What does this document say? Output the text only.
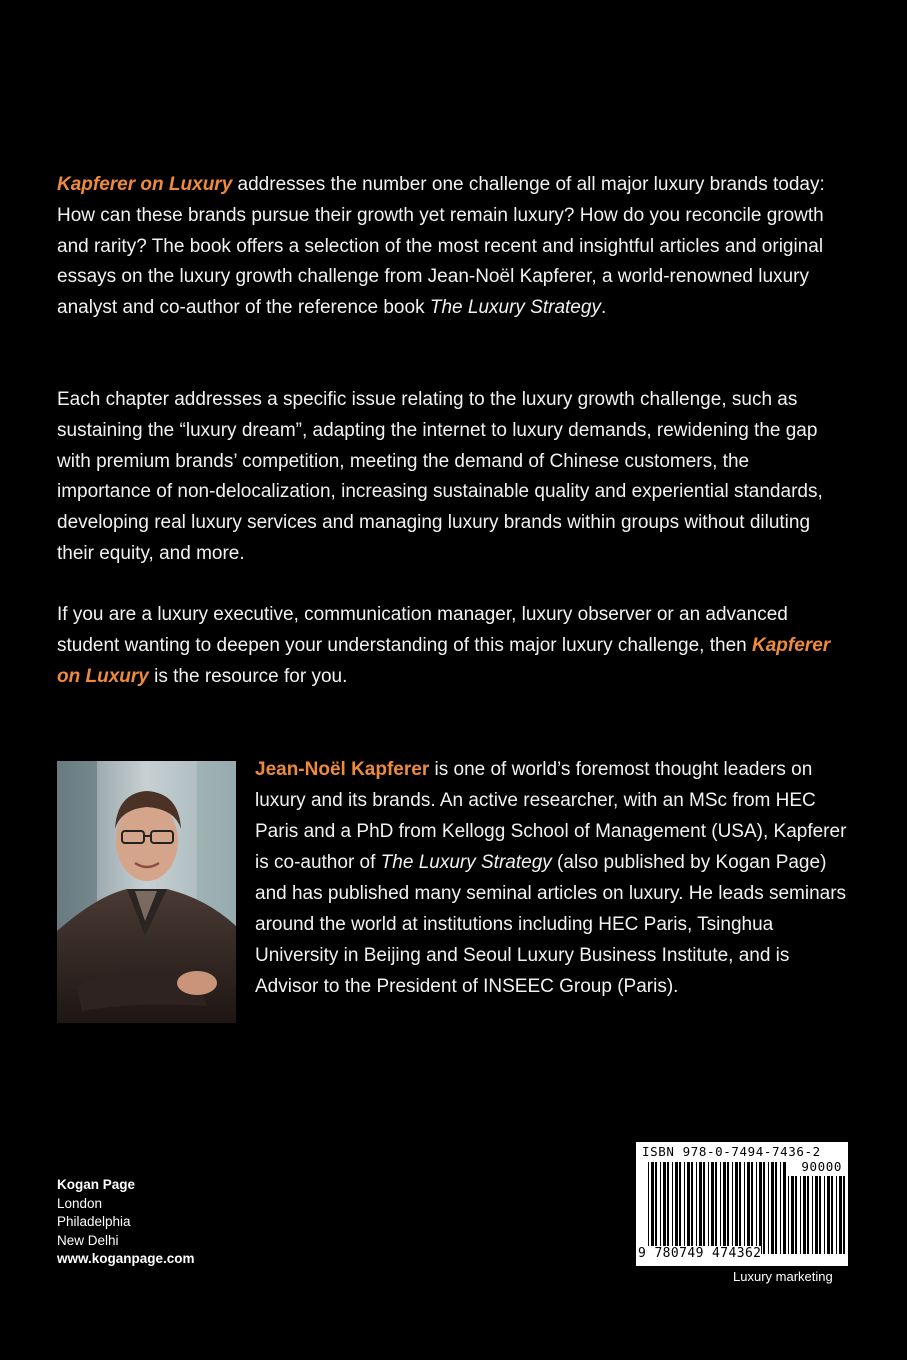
Kapferer on Luxury addresses the number one challenge of all major luxury brands today: How can these brands pursue their growth yet remain luxury? How do you reconcile growth and rarity? The book offers a selection of the most recent and insightful articles and original essays on the luxury growth challenge from Jean-Noël Kapferer, a world-renowned luxury analyst and co-author of the reference book The Luxury Strategy.

Each chapter addresses a specific issue relating to the luxury growth challenge, such as sustaining the “luxury dream”, adapting the internet to luxury demands, rewidening the gap with premium brands’ competition, meeting the demand of Chinese customers, the importance of non-delocalization, increasing sustainable quality and experiential standards, developing real luxury services and managing luxury brands within groups without diluting their equity, and more.

If you are a luxury executive, communication manager, luxury observer or an advanced student wanting to deepen your understanding of this major luxury challenge, then Kapferer on Luxury is the resource for you.

Jean-Noël Kapferer is one of world’s foremost thought leaders on luxury and its brands. An active researcher, with an MSc from HEC Paris and a PhD from Kellogg School of Management (USA), Kapferer is co-author of The Luxury Strategy (also published by Kogan Page) and has published many seminal articles on luxury. He leads seminars around the world at institutions including HEC Paris, Tsinghua University in Beijing and Seoul Luxury Business Institute, and is Advisor to the President of INSEEC Group (Paris).

Kogan Page
London
Philadelphia
New Delhi
www.koganpage.com
ISBN 978-0-7494-7436-2
90000
9 780749 474362
Luxury marketing
